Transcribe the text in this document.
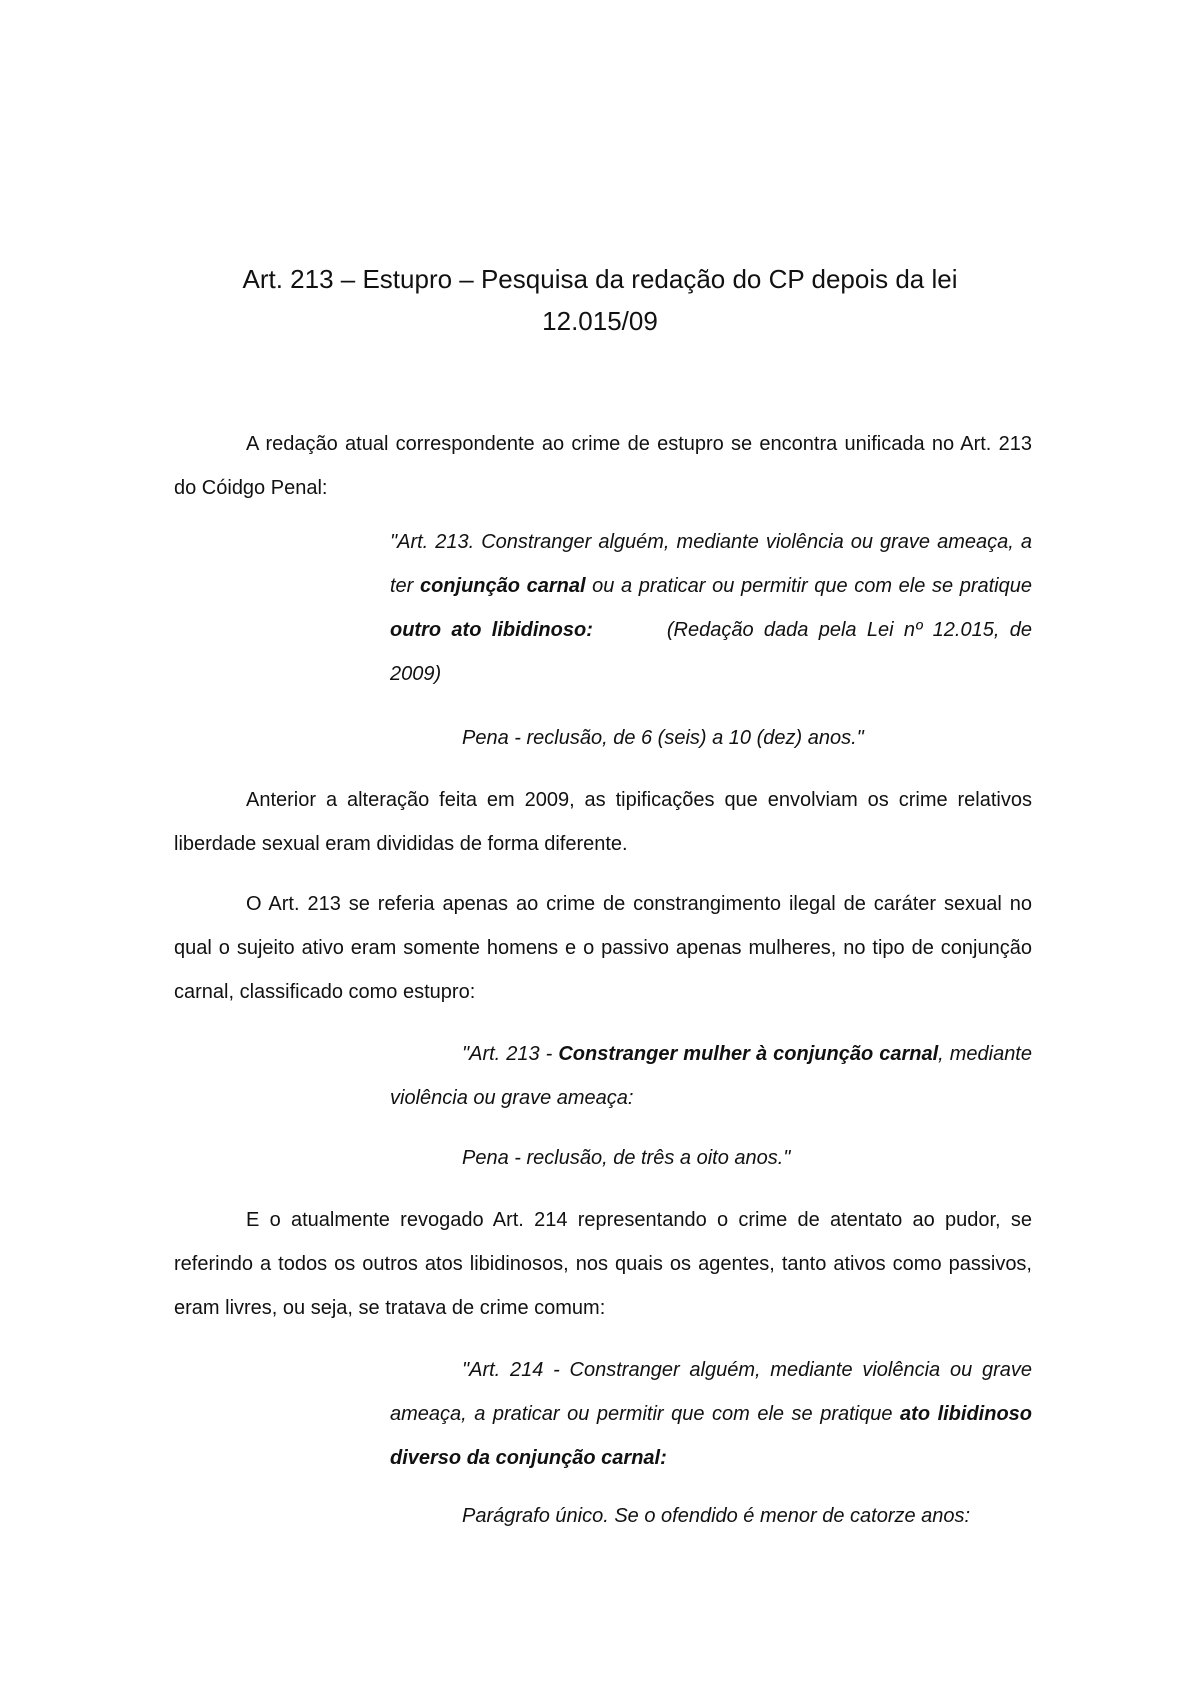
Art. 213 – Estupro – Pesquisa da redação do CP depois da lei
12.015/09
A redação atual correspondente ao crime de estupro se encontra unificada no Art. 213 do Cóidgo Penal:
"Art. 213. Constranger alguém, mediante violência ou grave ameaça, a ter conjunção carnal ou a praticar ou permitir que com ele se pratique outro ato libidinoso:	(Redação dada pela Lei nº 12.015, de 2009)
Pena - reclusão, de 6 (seis) a 10 (dez) anos."
Anterior a alteração feita em 2009, as tipificações que envolviam os crime relativos liberdade sexual eram divididas de forma diferente.
O Art. 213 se referia apenas ao crime de constrangimento ilegal de caráter sexual no qual o sujeito ativo eram somente homens e o passivo apenas mulheres, no tipo de conjunção carnal, classificado como estupro:
"Art. 213 - Constranger mulher à conjunção carnal, mediante violência ou grave ameaça:
Pena - reclusão, de três a oito anos."
E o atualmente revogado Art. 214 representando o crime de atentato ao pudor, se referindo a todos os outros atos libidinosos, nos quais os agentes, tanto ativos como passivos, eram livres, ou seja, se tratava de crime comum:
"Art. 214 - Constranger alguém, mediante violência ou grave ameaça, a praticar ou permitir que com ele se pratique ato libidinoso diverso da conjunção carnal:
Parágrafo único. Se o ofendido é menor de catorze anos:
